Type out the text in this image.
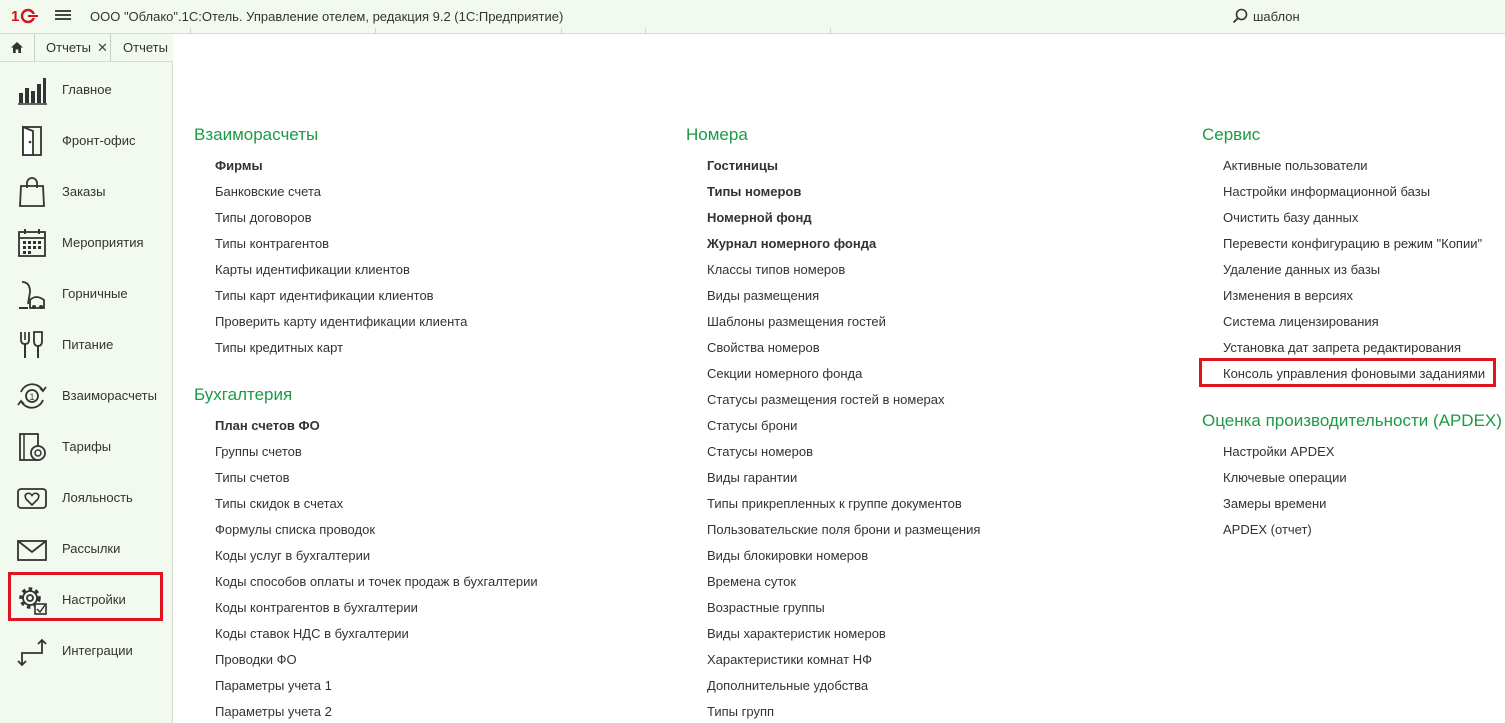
1	ООО "Облако".1С:Отель. Управление отелем, редакция 9.2 (1С:Предприятие)	шаблон
Отчеты ✕ Отчеты
Главное
Фронт-офис
Заказы
Мероприятия
Горничные
Питание
1 Взаиморасчеты
Тарифы
Лояльность
Рассылки
Настройки
Интеграции
Взаиморасчеты
Фирмы
Банковские счета
Типы договоров
Типы контрагентов
Карты идентификации клиентов
Типы карт идентификации клиентов
Проверить карту идентификации клиента
Типы кредитных карт
Бухгалтерия
План счетов ФО
Группы счетов
Типы счетов
Типы скидок в счетах
Формулы списка проводок
Коды услуг в бухгалтерии
Коды способов оплаты и точек продаж в бухгалтерии
Коды контрагентов в бухгалтерии
Коды ставок НДС в бухгалтерии
Проводки ФО
Параметры учета 1
Параметры учета 2
Номера
Гостиницы
Типы номеров
Номерной фонд
Журнал номерного фонда
Классы типов номеров
Виды размещения
Шаблоны размещения гостей
Свойства номеров
Секции номерного фонда
Статусы размещения гостей в номерах
Статусы брони
Статусы номеров
Виды гарантии
Типы прикрепленных к группе документов
Пользовательские поля брони и размещения
Виды блокировки номеров
Времена суток
Возрастные группы
Виды характеристик номеров
Характеристики комнат НФ
Дополнительные удобства
Типы групп
Сервис
Активные пользователи
Настройки информационной базы
Очистить базу данных
Перевести конфигурацию в режим "Копии"
Удаление данных из базы
Изменения в версиях
Система лицензирования
Установка дат запрета редактирования
Консоль управления фоновыми заданиями
Оценка производительности (APDEX)
Настройки APDEX
Ключевые операции
Замеры времени
APDEX (отчет)
